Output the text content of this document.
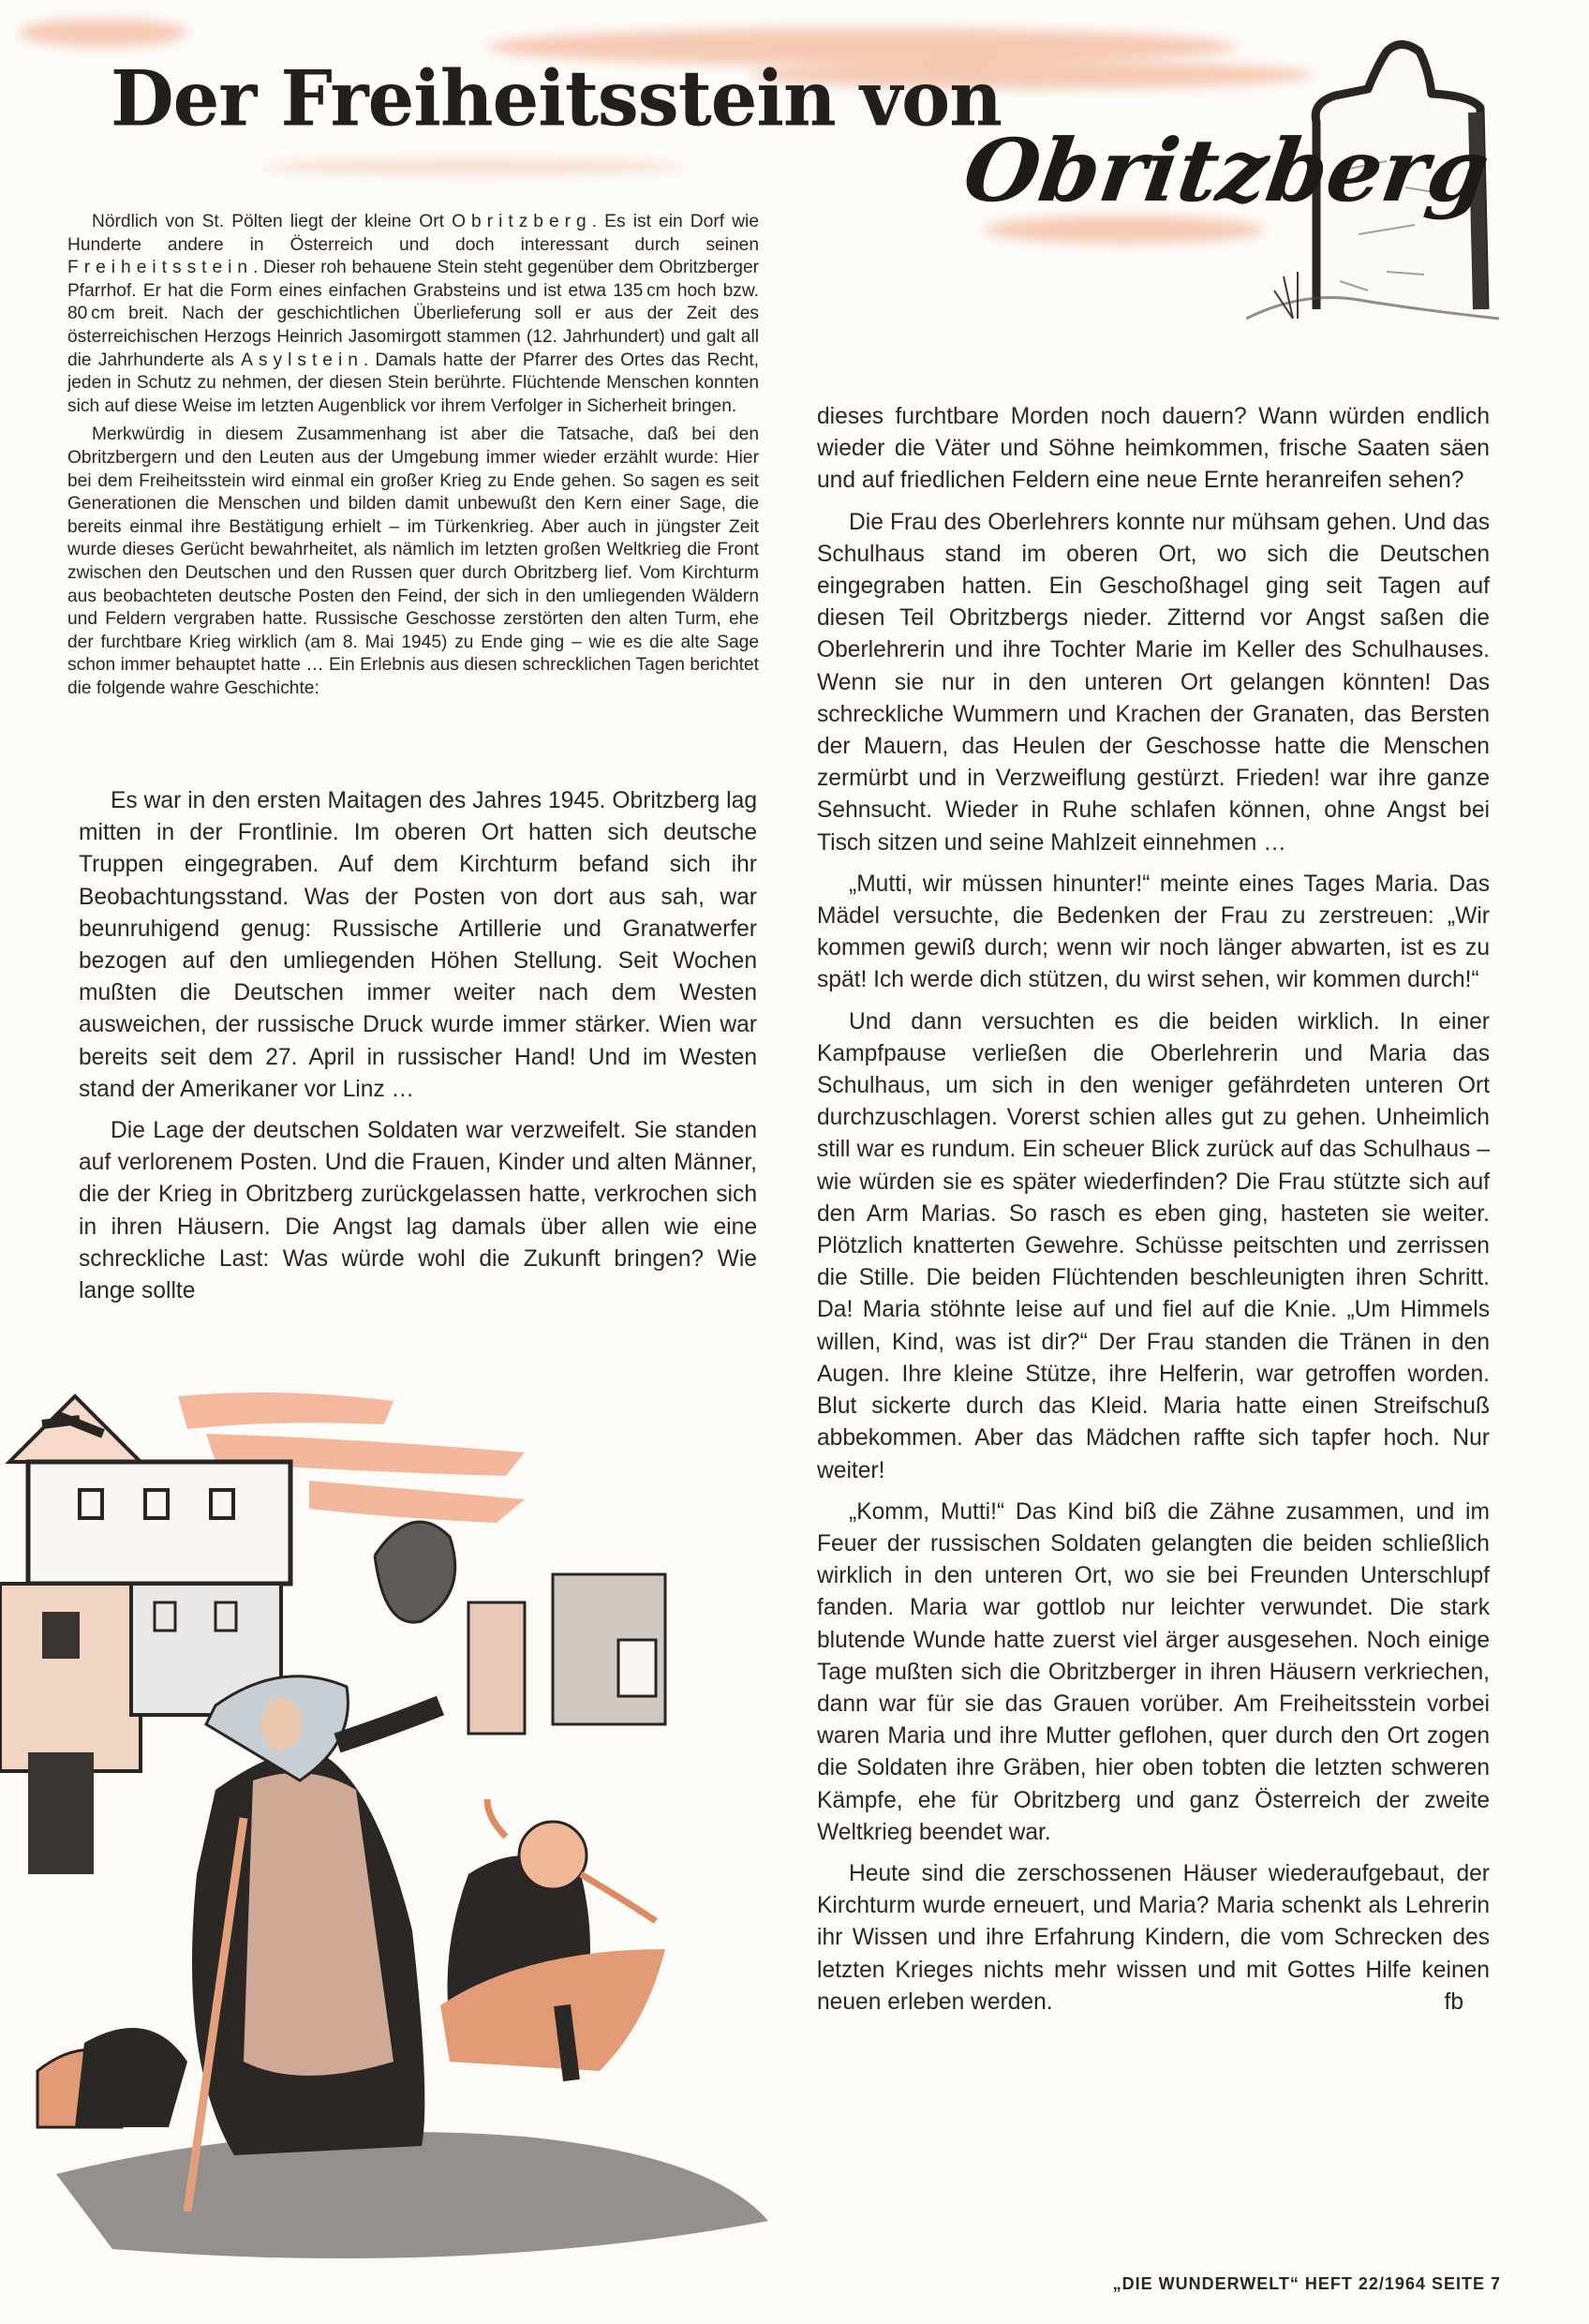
Der Freiheitsstein von
Obritzberg

Nördlich von St. Pölten liegt der kleine Ort Obritzberg. Es ist ein Dorf wie Hunderte andere in Österreich und doch interessant durch seinen Freiheitsstein. Dieser roh behauene Stein steht gegenüber dem Obritzberger Pfarrhof. Er hat die Form eines einfachen Grabsteins und ist etwa 135 cm hoch bzw. 80 cm breit. Nach der geschichtlichen Überlieferung soll er aus der Zeit des österreichischen Herzogs Heinrich Jasomirgott stammen (12. Jahrhundert) und galt all die Jahrhunderte als Asylstein. Damals hatte der Pfarrer des Ortes das Recht, jeden in Schutz zu nehmen, der diesen Stein berührte. Flüchtende Menschen konnten sich auf diese Weise im letzten Augenblick vor ihrem Verfolger in Sicherheit bringen.

Merkwürdig in diesem Zusammenhang ist aber die Tatsache, daß bei den Obritzbergern und den Leuten aus der Umgebung immer wieder erzählt wurde: Hier bei dem Freiheitsstein wird einmal ein großer Krieg zu Ende gehen. So sagen es seit Generationen die Menschen und bilden damit unbewußt den Kern einer Sage, die bereits einmal ihre Bestätigung erhielt – im Türkenkrieg. Aber auch in jüngster Zeit wurde dieses Gerücht bewahrheitet, als nämlich im letzten großen Weltkrieg die Front zwischen den Deutschen und den Russen quer durch Obritzberg lief. Vom Kirchturm aus beobachteten deutsche Posten den Feind, der sich in den umliegenden Wäldern und Feldern vergraben hatte. Russische Geschosse zerstörten den alten Turm, ehe der furchtbare Krieg wirklich (am 8. Mai 1945) zu Ende ging – wie es die alte Sage schon immer behauptet hatte … Ein Erlebnis aus diesen schrecklichen Tagen berichtet die folgende wahre Geschichte:

Es war in den ersten Maitagen des Jahres 1945. Obritzberg lag mitten in der Frontlinie. Im oberen Ort hatten sich deutsche Truppen eingegraben. Auf dem Kirchturm befand sich ihr Beobachtungsstand. Was der Posten von dort aus sah, war beunruhigend genug: Russische Artillerie und Granatwerfer bezogen auf den umliegenden Höhen Stellung. Seit Wochen mußten die Deutschen immer weiter nach dem Westen ausweichen, der russische Druck wurde immer stärker. Wien war bereits seit dem 27. April in russischer Hand! Und im Westen stand der Amerikaner vor Linz …

Die Lage der deutschen Soldaten war verzweifelt. Sie standen auf verlorenem Posten. Und die Frauen, Kinder und alten Männer, die der Krieg in Obritzberg zurückgelassen hatte, verkrochen sich in ihren Häusern. Die Angst lag damals über allen wie eine schreckliche Last: Was würde wohl die Zukunft bringen? Wie lange sollte

dieses furchtbare Morden noch dauern? Wann würden endlich wieder die Väter und Söhne heimkommen, frische Saaten säen und auf friedlichen Feldern eine neue Ernte heranreifen sehen?

Die Frau des Oberlehrers konnte nur mühsam gehen. Und das Schulhaus stand im oberen Ort, wo sich die Deutschen eingegraben hatten. Ein Geschoßhagel ging seit Tagen auf diesen Teil Obritzbergs nieder. Zitternd vor Angst saßen die Oberlehrerin und ihre Tochter Marie im Keller des Schulhauses. Wenn sie nur in den unteren Ort gelangen könnten! Das schreckliche Wummern und Krachen der Granaten, das Bersten der Mauern, das Heulen der Geschosse hatte die Menschen zermürbt und in Verzweiflung gestürzt. Frieden! war ihre ganze Sehnsucht. Wieder in Ruhe schlafen können, ohne Angst bei Tisch sitzen und seine Mahlzeit einnehmen …

„Mutti, wir müssen hinunter!“ meinte eines Tages Maria. Das Mädel versuchte, die Bedenken der Frau zu zerstreuen: „Wir kommen gewiß durch; wenn wir noch länger abwarten, ist es zu spät! Ich werde dich stützen, du wirst sehen, wir kommen durch!“

Und dann versuchten es die beiden wirklich. In einer Kampfpause verließen die Oberlehrerin und Maria das Schulhaus, um sich in den weniger gefährdeten unteren Ort durchzuschlagen. Vorerst schien alles gut zu gehen. Unheimlich still war es rundum. Ein scheuer Blick zurück auf das Schulhaus – wie würden sie es später wiederfinden? Die Frau stützte sich auf den Arm Marias. So rasch es eben ging, hasteten sie weiter. Plötzlich knatterten Gewehre. Schüsse peitschten und zerrissen die Stille. Die beiden Flüchtenden beschleunigten ihren Schritt. Da! Maria stöhnte leise auf und fiel auf die Knie. „Um Himmels willen, Kind, was ist dir?“ Der Frau standen die Tränen in den Augen. Ihre kleine Stütze, ihre Helferin, war getroffen worden. Blut sickerte durch das Kleid. Maria hatte einen Streifschuß abbekommen. Aber das Mädchen raffte sich tapfer hoch. Nur weiter!

„Komm, Mutti!“ Das Kind biß die Zähne zusammen, und im Feuer der russischen Soldaten gelangten die beiden schließlich wirklich in den unteren Ort, wo sie bei Freunden Unterschlupf fanden. Maria war gottlob nur leichter verwundet. Die stark blutende Wunde hatte zuerst viel ärger ausgesehen. Noch einige Tage mußten sich die Obritzberger in ihren Häusern verkriechen, dann war für sie das Grauen vorüber. Am Freiheitsstein vorbei waren Maria und ihre Mutter geflohen, quer durch den Ort zogen die Soldaten ihre Gräben, hier oben tobten die letzten schweren Kämpfe, ehe für Obritzberg und ganz Österreich der zweite Weltkrieg beendet war.

Heute sind die zerschossenen Häuser wiederaufgebaut, der Kirchturm wurde erneuert, und Maria? Maria schenkt als Lehrerin ihr Wissen und ihre Erfahrung Kindern, die vom Schrecken des letzten Krieges nichts mehr wissen und mit Gottes Hilfe keinen neuen erleben werden.	fb

„DIE WUNDERWELT“ HEFT 22/1964 SEITE 7
